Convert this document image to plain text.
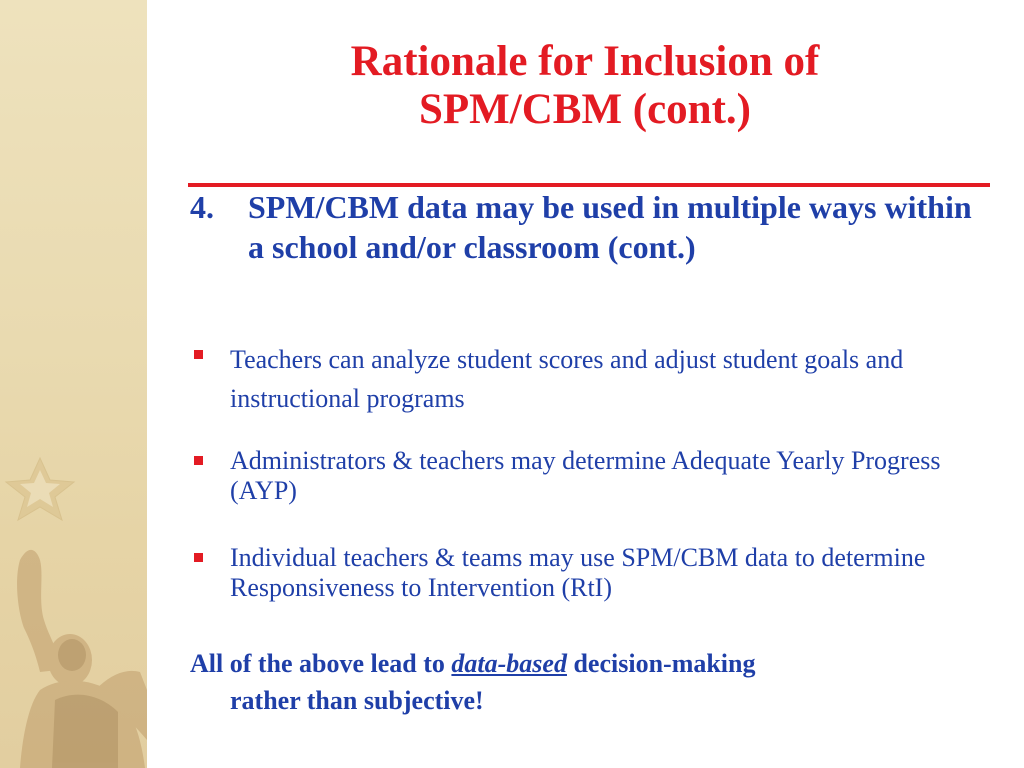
Rationale for Inclusion of
SPM/CBM (cont.)
4. SPM/CBM data may be used in multiple ways within a school and/or classroom (cont.)
Teachers can analyze student scores and adjust student goals and instructional programs
Administrators & teachers may determine Adequate Yearly Progress (AYP)
Individual teachers & teams may use SPM/CBM data to determine Responsiveness to Intervention (RtI)
All of the above lead to data-based decision-making
rather than subjective!
